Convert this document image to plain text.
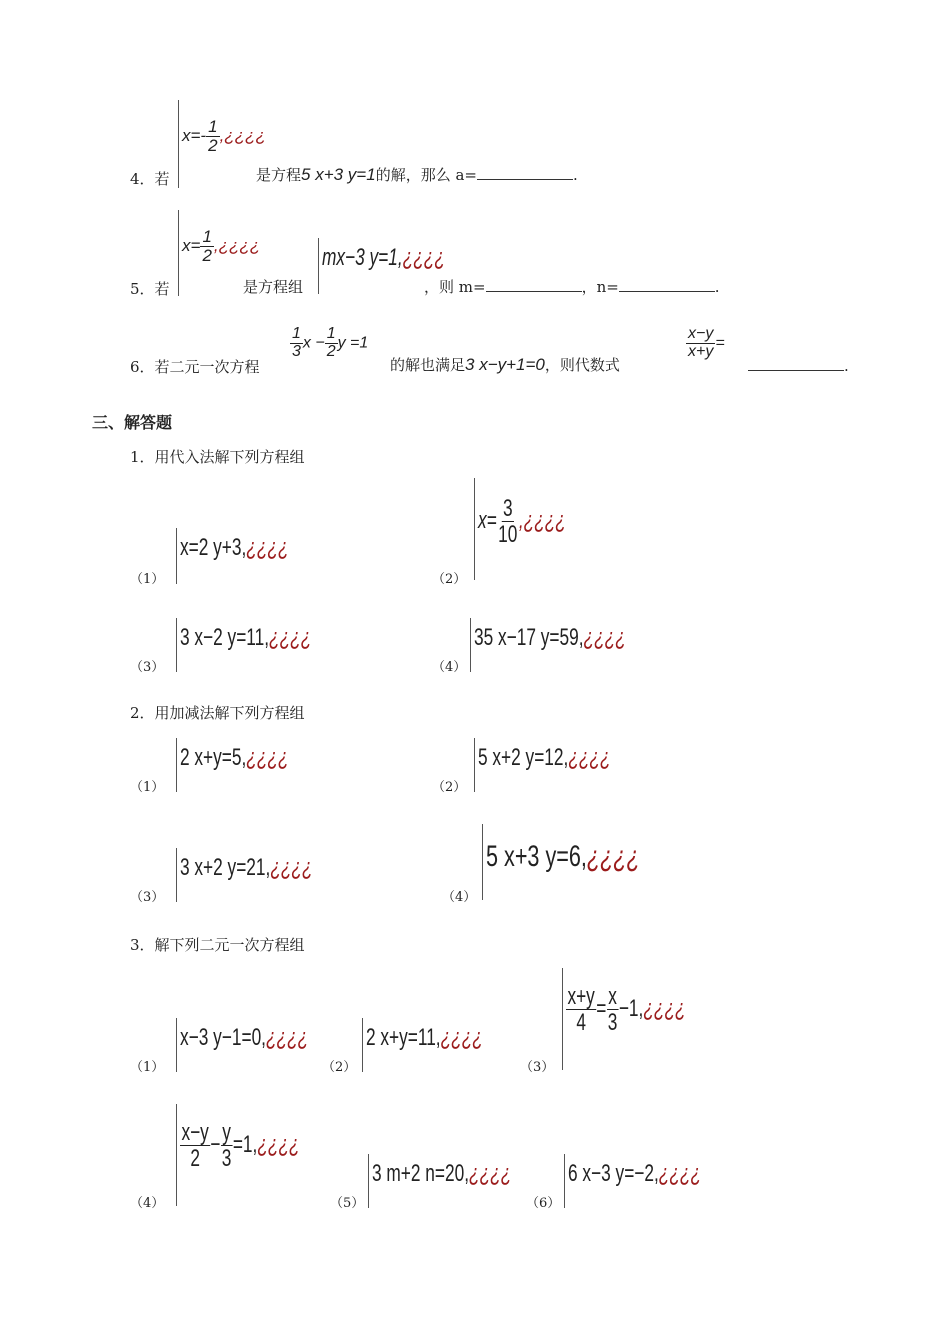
$x=- \frac{1}{2}$ ,¿¿¿¿
4．若	是方程5 x+3 y=1的解，那么 a=	.
$x= \frac{1}{2}$ ,¿¿¿¿
5．若	是方程组
mx−3 y=1,¿¿¿¿
，则 m=	，n=	.
6．若二元一次方程
$\frac{1}{3}$ $x - \frac{1}{2}$ y =1
的解也满足3 x−y+1=0，则代数式
$\frac{x-y}{x+y}$ =
.
三、解答题
1．用代入法解下列方程组
（1）
x=2 y+3,¿¿¿¿
（2）
$x= \frac{3}{10}$ ,¿¿¿¿
（3）
3 x−2 y=11,¿¿¿¿
（4）
35 x−17 y=59,¿¿¿¿
2．用加减法解下列方程组
（1）
2 x+y=5,¿¿¿¿
（2）
5 x+2 y=12,¿¿¿¿
（3）
3 x+2 y=21,¿¿¿¿
（4）
5 x+3 y=6,¿¿¿¿
3．解下列二元一次方程组
（1）
x−3 y−1=0,¿¿¿¿
（2）
2 x+y=11,¿¿¿¿
（3）
$\frac{x+y}{4} = \frac{x}{3}$ −1,¿¿¿¿
（4）
$\frac{x-y}{2} - \frac{y}{3}$ =1,¿¿¿¿
（5）
3 m+2 n=20,¿¿¿¿
（6）
6 x−3 y=−2,¿¿¿¿
